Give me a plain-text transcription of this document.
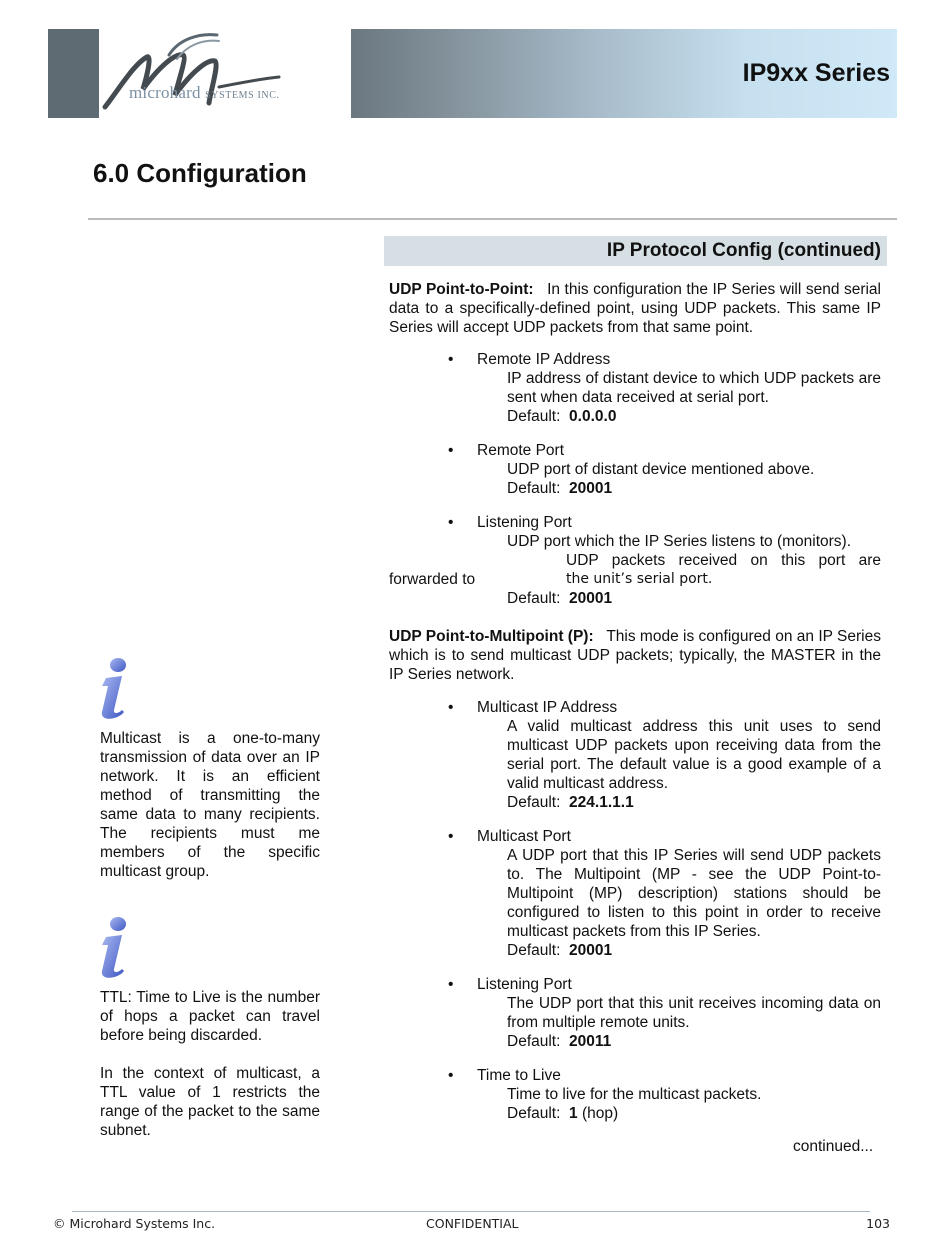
IP9xx Series
microhard SYSTEMS INC.
6.0 Configuration
IP Protocol Config (continued)
UDP Point-to-Point: In this configuration the IP Series will send serial data to a specifically-defined point, using UDP packets. This same IP Series will accept UDP packets from that same point.
• Remote IP Address
IP address of distant device to which UDP packets are sent when data received at serial port.
Default: 0.0.0.0
• Remote Port
UDP port of distant device mentioned above.
Default: 20001
• Listening Port
UDP port which the IP Series listens to (monitors).
UDP packets received on this port are
forwarded to	the unit’s serial port.
Default: 20001
UDP Point-to-Multipoint (P): This mode is configured on an IP Series which is to send multicast UDP packets; typically, the MASTER in the IP Series network.
• Multicast IP Address
A valid multicast address this unit uses to send multicast UDP packets upon receiving data from the serial port. The default value is a good example of a valid multicast address.
Default: 224.1.1.1
• Multicast Port
A UDP port that this IP Series will send UDP packets to. The Multipoint (MP - see the UDP Point-to-Multipoint (MP) description) stations should be configured to listen to this point in order to receive multicast packets from this IP Series.
Default: 20001
• Listening Port
The UDP port that this unit receives incoming data on from multiple remote units.
Default: 20011
• Time to Live
Time to live for the multicast packets.
Default: 1 (hop)
continued...
Multicast is a one-to-many transmission of data over an IP network. It is an efficient method of transmitting the same data to many recipients. The recipients must me members of the specific multicast group.
TTL: Time to Live is the number of hops a packet can travel before being discarded.
In the context of multicast, a TTL value of 1 restricts the range of the packet to the same subnet.
© Microhard Systems Inc.	CONFIDENTIAL	103
